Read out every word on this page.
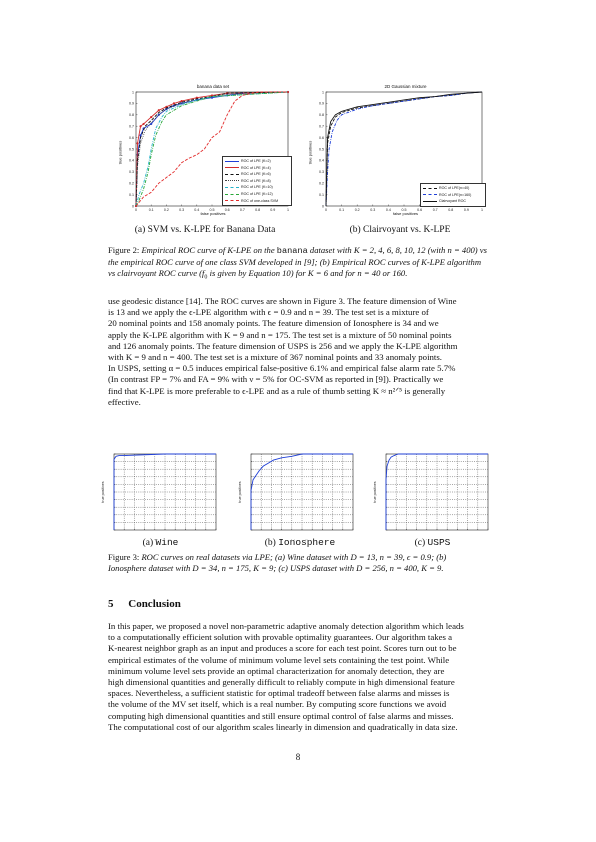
banana data set
0	0.1	0.2	0.3	0.4	0.5	0.6	0.7	0.8	0.9	1
0
0.1
0.2
0.3
0.4
0.5
0.6
0.7
0.8
0.9
1
false positives
true positives	ROC of LPE (K=2)
ROC of LPE (K=4)
ROC of LPE (K=6)
ROC of LPE (K=8)
ROC of LPE (K=10)
ROC of LPE (K=12)
ROC of one-class SVM
2D Gaussian mixture
0	0.1	0.2	0.3	0.4	0.5	0.6	0.7	0.8	0.9	1
0
0.1
0.2
0.3
0.4
0.5
0.6
0.7
0.8
0.9
1
false positives
true positives
ROC of LPE(n=40)
ROC of LPE(n=160)
Clairvoyant ROC
(a) SVM vs. K-LPE for Banana Data	(b) Clairvoyant vs. K-LPE
Figure 2: Empirical ROC curve of K-LPE on the banana dataset with K = 2, 4, 6, 8, 10, 12 (with n = 400) vs the empirical ROC curve of one class SVM developed in [9]; (b) Empirical ROC curves of K-LPE algorithm vs clairvoyant ROC curve ($f_0$ is given by Equation 10) for K = 6 and for n = 40 or 160.
use geodesic distance [14]. The ROC curves are shown in Figure 3. The feature dimension of Wine
is 13 and we apply the ϵ-LPE algorithm with ϵ = 0.9 and n = 39. The test set is a mixture of
20 nominal points and 158 anomaly points. The feature dimension of Ionosphere is 34 and we
apply the K-LPE algorithm with K = 9 and n = 175. The test set is a mixture of 50 nominal points
and 126 anomaly points. The feature dimension of USPS is 256 and we apply the K-LPE algorithm
with K = 9 and n = 400. The test set is a mixture of 367 nominal points and 33 anomaly points.
In USPS, setting α = 0.5 induces empirical false-positive 6.1% and empirical false alarm rate 5.7%
(In contrast FP = 7% and FA = 9% with ν = 5% for OC-SVM as reported in [9]). Practically we
find that K-LPE is more preferable to ϵ-LPE and as a rule of thumb setting K ≈ n²ᐟ⁵ is generally
effective.
true positives	true positives	true positives
(a) Wine	(b) Ionosphere	(c) USPS
Figure 3: ROC curves on real datasets via LPE; (a) Wine dataset with D = 13, n = 39, ϵ = 0.9; (b)
Ionosphere dataset with D = 34, n = 175, K = 9; (c) USPS dataset with D = 256, n = 400, K = 9.
5 Conclusion
In this paper, we proposed a novel non-parametric adaptive anomaly detection algorithm which leads
to a computationally efficient solution with provable optimality guarantees. Our algorithm takes a
K-nearest neighbor graph as an input and produces a score for each test point. Scores turn out to be
empirical estimates of the volume of minimum volume level sets containing the test point. While
minimum volume level sets provide an optimal characterization for anomaly detection, they are
high dimensional quantities and generally difficult to reliably compute in high dimensional feature
spaces. Nevertheless, a sufficient statistic for optimal tradeoff between false alarms and misses is
the volume of the MV set itself, which is a real number. By computing score functions we avoid
computing high dimensional quantities and still ensure optimal control of false alarms and misses.
The computational cost of our algorithm scales linearly in dimension and quadratically in data size.
8
